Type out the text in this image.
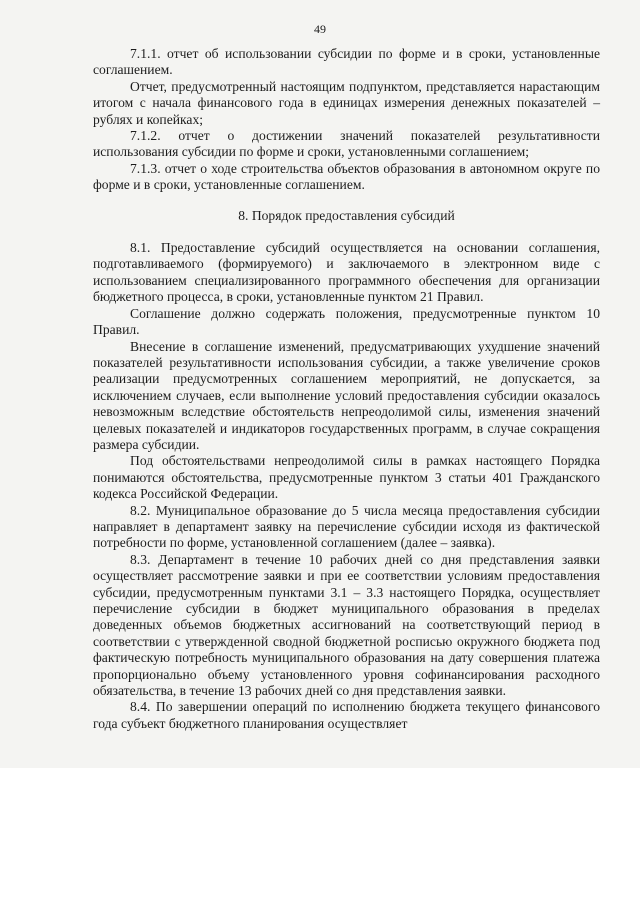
49

7.1.1. отчет об использовании субсидии по форме и в сроки, установленные соглашением.

Отчет, предусмотренный настоящим подпунктом, представляется нарастающим итогом с начала финансового года в единицах измерения денежных показателей – рублях и копейках;

7.1.2. отчет о достижении значений показателей результативности использования субсидии по форме и сроки, установленными соглашением;

7.1.3. отчет о ходе строительства объектов образования в автономном округе по форме и в сроки, установленные соглашением.

8. Порядок предоставления субсидий

8.1. Предоставление субсидий осуществляется на основании соглашения, подготавливаемого (формируемого) и заключаемого в электронном виде с использованием специализированного программного обеспечения для организации бюджетного процесса, в сроки, установленные пунктом 21 Правил.

Соглашение должно содержать положения, предусмотренные пунктом 10 Правил.

Внесение в соглашение изменений, предусматривающих ухудшение значений показателей результативности использования субсидии, а также увеличение сроков реализации предусмотренных соглашением мероприятий, не допускается, за исключением случаев, если выполнение условий предоставления субсидии оказалось невозможным вследствие обстоятельств непреодолимой силы, изменения значений целевых показателей и индикаторов государственных программ, в случае сокращения размера субсидии.

Под обстоятельствами непреодолимой силы в рамках настоящего Порядка понимаются обстоятельства, предусмотренные пунктом 3 статьи 401 Гражданского кодекса Российской Федерации.

8.2. Муниципальное образование до 5 числа месяца предоставления субсидии направляет в департамент заявку на перечисление субсидии исходя из фактической потребности по форме, установленной соглашением (далее – заявка).

8.3. Департамент в течение 10 рабочих дней со дня представления заявки осуществляет рассмотрение заявки и при ее соответствии условиям предоставления субсидии, предусмотренным пунктами 3.1 – 3.3 настоящего Порядка, осуществляет перечисление субсидии в бюджет муниципального образования в пределах доведенных объемов бюджетных ассигнований на соответствующий период в соответствии с утвержденной сводной бюджетной росписью окружного бюджета под фактическую потребность муниципального образования на дату совершения платежа пропорционально объему установленного уровня софинансирования расходного обязательства, в течение 13 рабочих дней со дня представления заявки.

8.4. По завершении операций по исполнению бюджета текущего финансового года субъект бюджетного планирования осуществляет
